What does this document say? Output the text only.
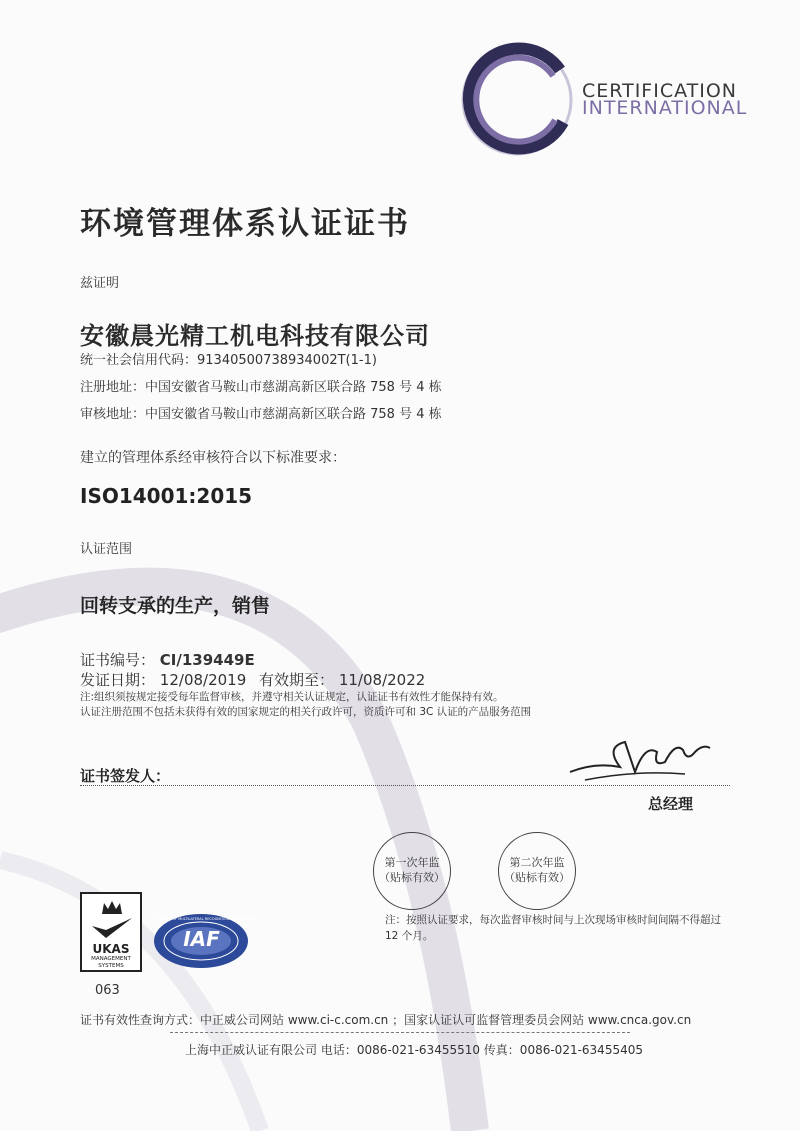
CERTIFICATION
INTERNATIONAL
环境管理体系认证证书
兹证明
安徽晨光精工机电科技有限公司
统一社会信用代码：91340500738934002T(1-1)
注册地址：中国安徽省马鞍山市慈湖高新区联合路 758 号 4 栋
审核地址：中国安徽省马鞍山市慈湖高新区联合路 758 号 4 栋
建立的管理体系经审核符合以下标准要求：
ISO14001:2015
认证范围
回转支承的生产，销售
证书编号： CI/139449E
发证日期： 12/08/2019 有效期至： 11/08/2022
注:组织须按规定接受每年监督审核，并遵守相关认证规定，认证证书有效性才能保持有效。
认证注册范围不包括未获得有效的国家规定的相关行政许可，资质许可和 3C 认证的产品服务范围
证书签发人：
总经理
第一次年监
（贴标有效）
第二次年监
（贴标有效）
注：按照认证要求，每次监督审核时间与上次现场审核时间间隔不得超过 12 个月。
UKAS
MANAGEMENT
SYSTEMS
063
IAF
MEMBER OF MULTILATERAL RECOGNITION ARRANGEMENT
证书有效性查询方式：中正威公司网站 www.ci-c.com.cn ；国家认证认可监督管理委员会网站 www.cnca.gov.cn
上海中正威认证有限公司 电话：0086-021-63455510 传真：0086-021-63455405
